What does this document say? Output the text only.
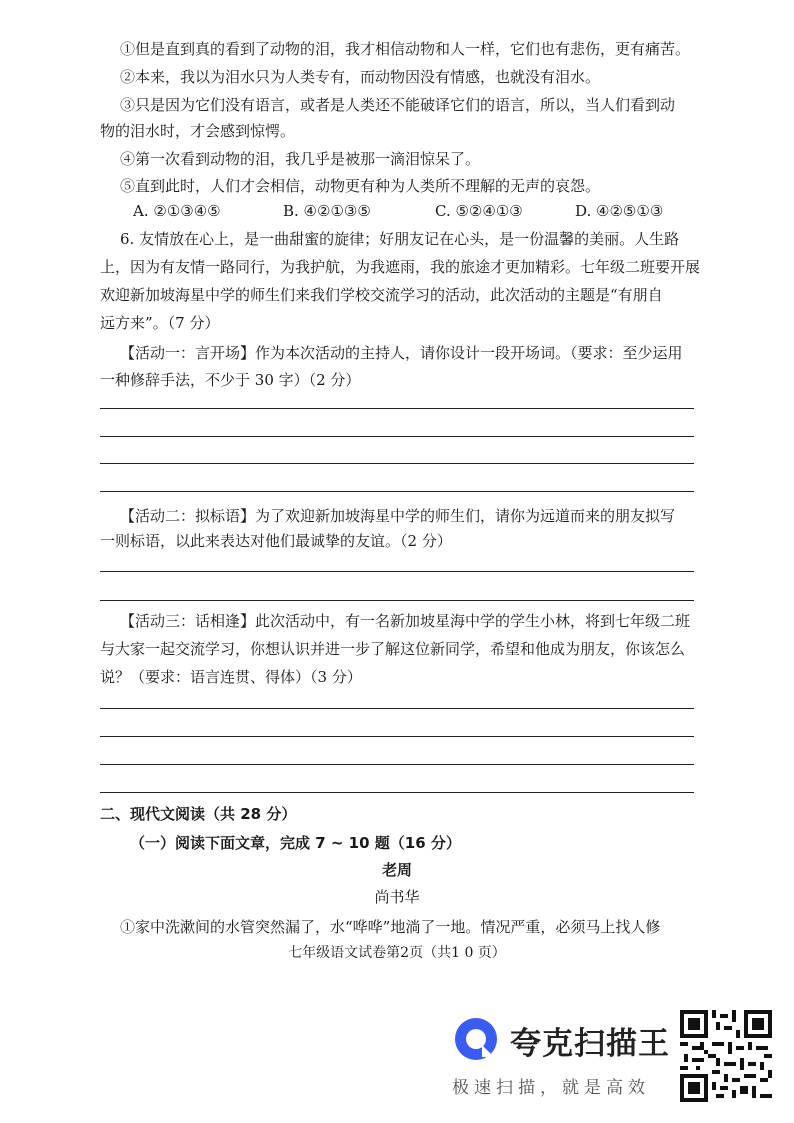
①但是直到真的看到了动物的泪，我才相信动物和人一样，它们也有悲伤，更有痛苦。
②本来，我以为泪水只为人类专有，而动物因没有情感，也就没有泪水。
③只是因为它们没有语言，或者是人类还不能破译它们的语言，所以，当人们看到动
物的泪水时，才会感到惊愕。
④第一次看到动物的泪，我几乎是被那一滴泪惊呆了。
⑤直到此时，人们才会相信，动物更有种为人类所不理解的无声的哀怨。
A. ②①③④⑤	B. ④②①③⑤	C. ⑤②④①③	D. ④②⑤①③
6. 友情放在心上，是一曲甜蜜的旋律；好朋友记在心头，是一份温馨的美丽。人生路
上，因为有友情一路同行，为我护航，为我遮雨，我的旅途才更加精彩。七年级二班要开展
欢迎新加坡海星中学的师生们来我们学校交流学习的活动，此次活动的主题是“有朋自
远方来”。（7 分）
【活动一：言开场】作为本次活动的主持人，请你设计一段开场词。（要求：至少运用
一种修辞手法，不少于 30 字）（2 分）
【活动二：拟标语】为了欢迎新加坡海星中学的师生们，请你为远道而来的朋友拟写
一则标语，以此来表达对他们最诚挚的友谊。（2 分）
【活动三：话相逢】此次活动中，有一名新加坡星海中学的学生小林，将到七年级二班
与大家一起交流学习，你想认识并进一步了解这位新同学，希望和他成为朋友，你该怎么
说？（要求：语言连贯、得体）（3 分）
二、现代文阅读（共 28 分）
（一）阅读下面文章，完成 7 ~ 10 题（16 分）
老周
尚书华
①家中洗漱间的水管突然漏了，水“哗哗”地淌了一地。情况严重，必须马上找人修
七年级语文试卷第2页（共1 0 页）
夸克扫描王
极速扫描，就是高效
